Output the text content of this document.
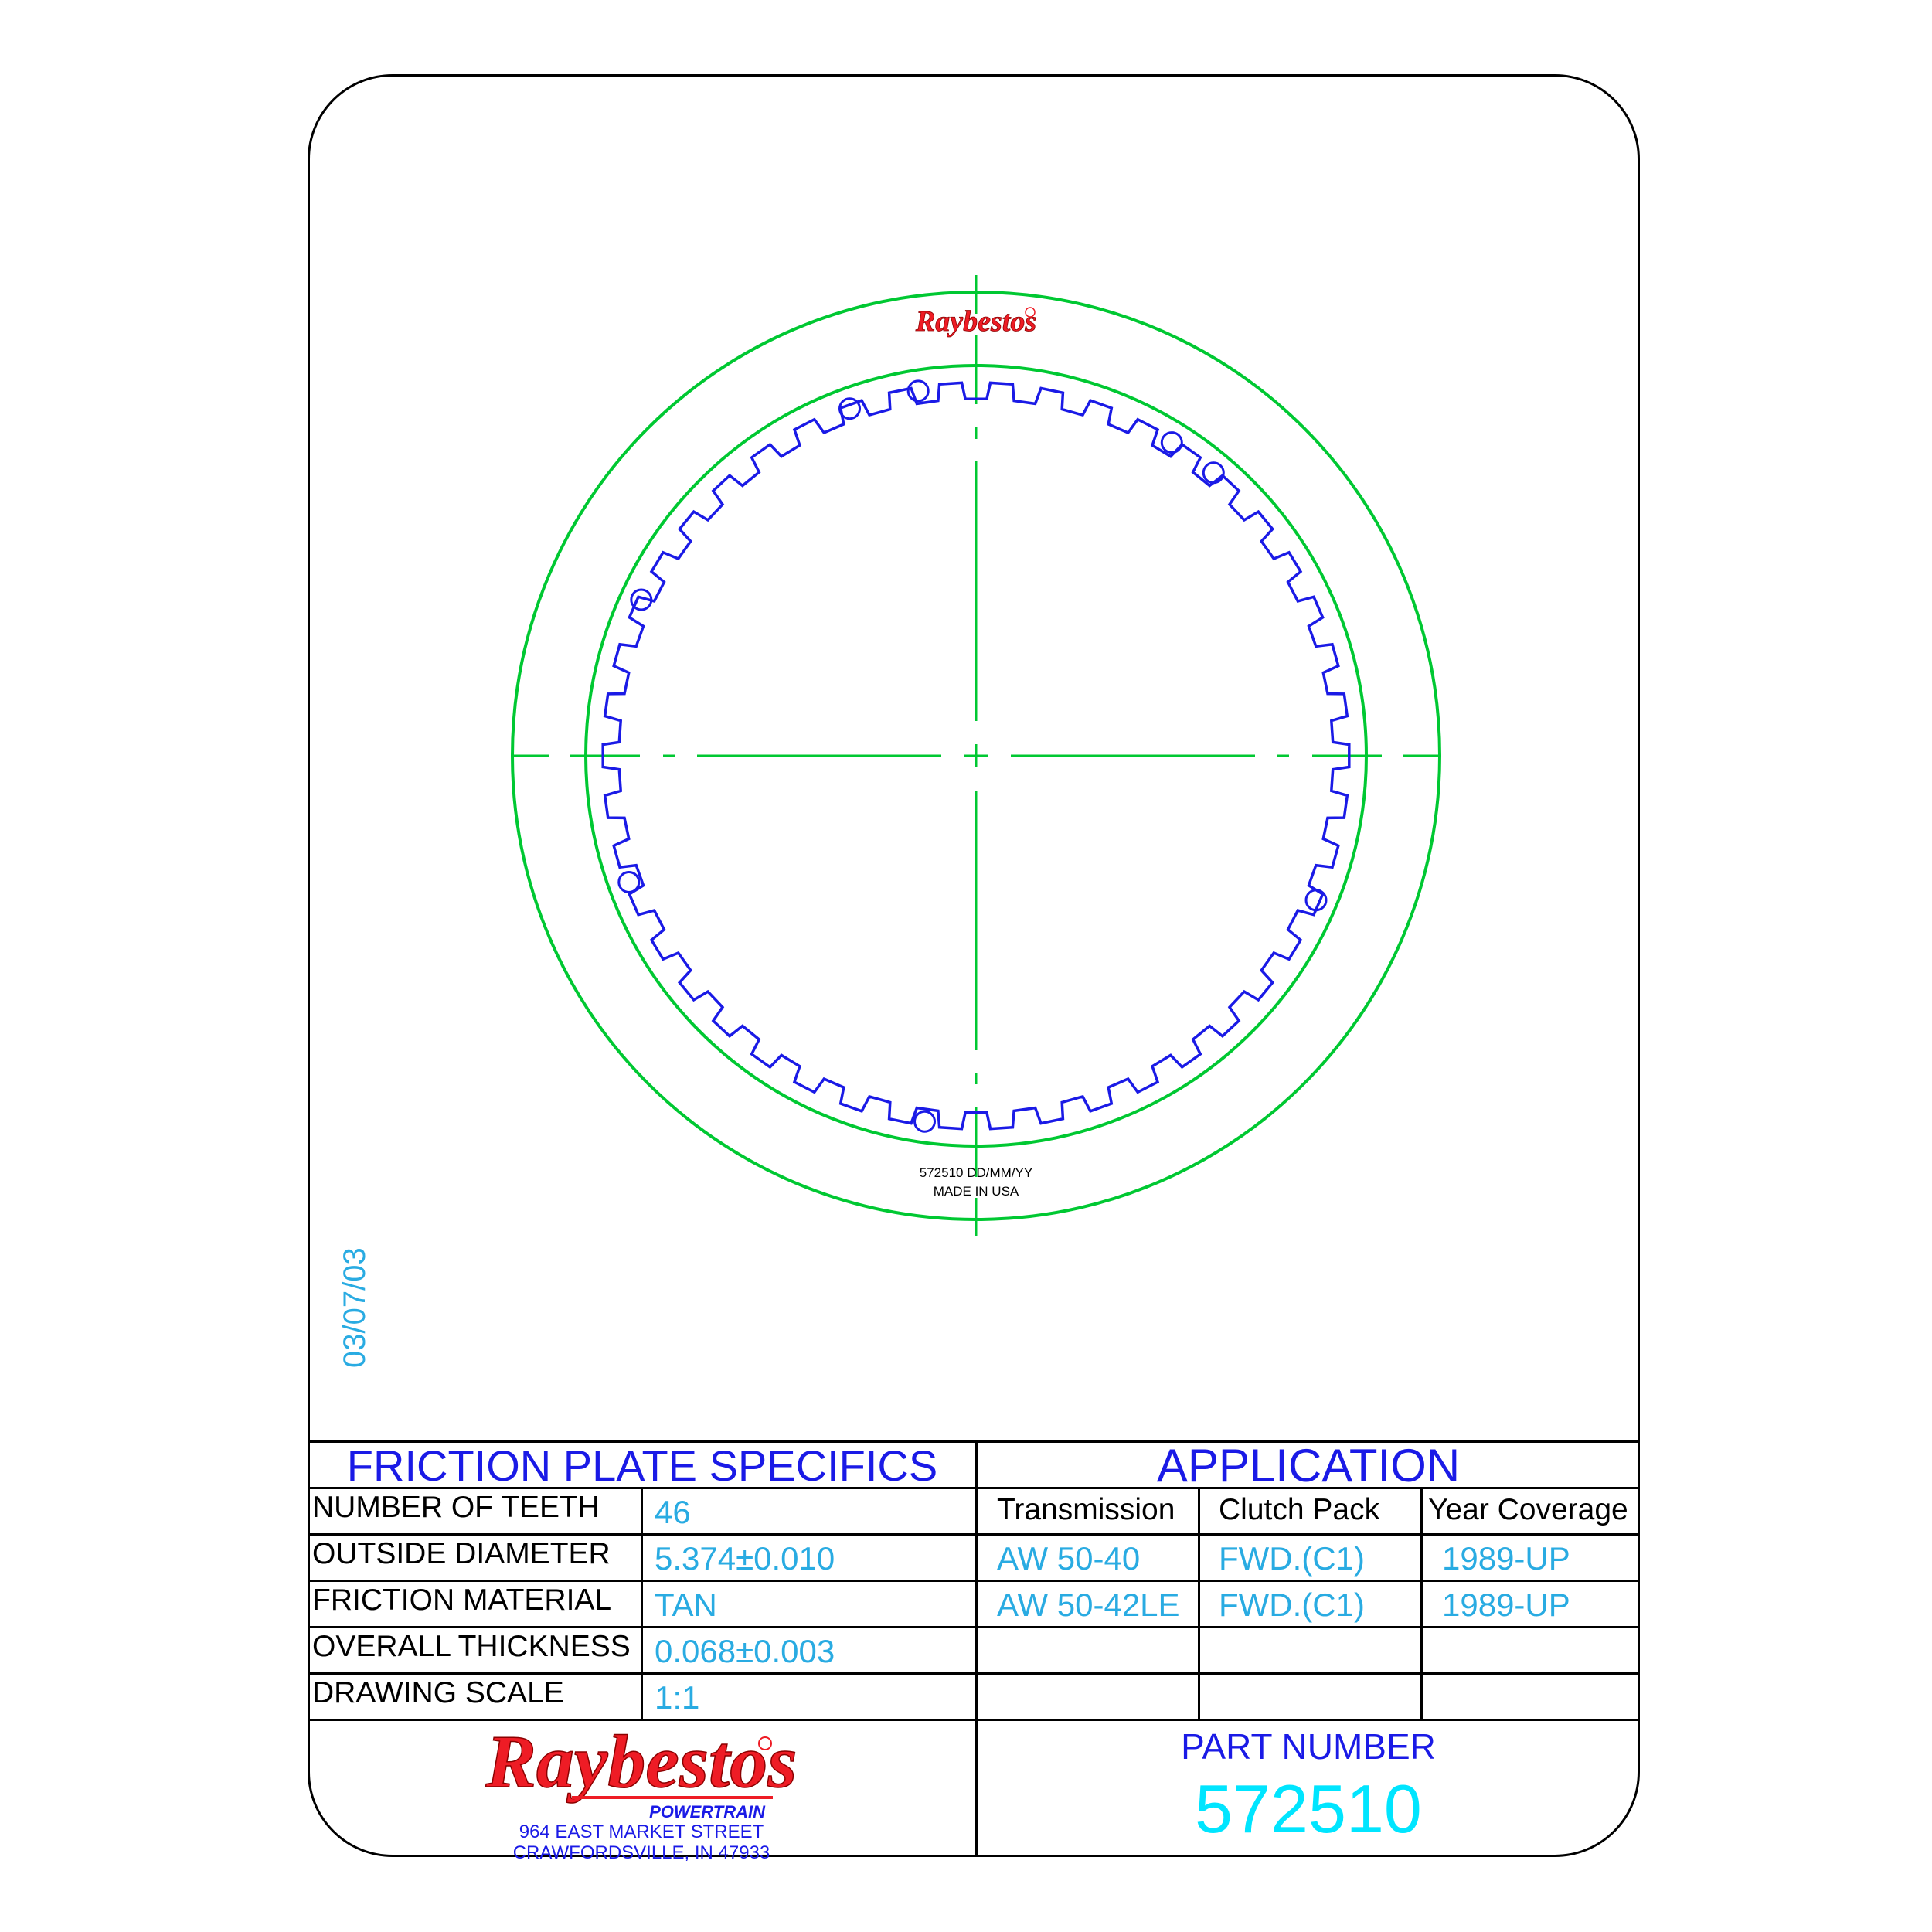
Raybestos
572510 DD/MM/YY
MADE IN USA
03/07/03
FRICTION PLATE SPECIFICS
NUMBER OF TEETH 46
OUTSIDE DIAMETER 5.374±0.010
FRICTION MATERIAL TAN
OVERALL THICKNESS 0.068±0.003
DRAWING SCALE	1:1
APPLICATION
Transmission Clutch Pack Year Coverage
AW 50-40 FWD.(C1) 1989-UP
AW 50-42LE FWD.(C1) 1989-UP
Raybestos
POWERTRAIN
964 EAST MARKET STREET
CRAWFORDSVILLE, IN 47933
PART NUMBER
572510
